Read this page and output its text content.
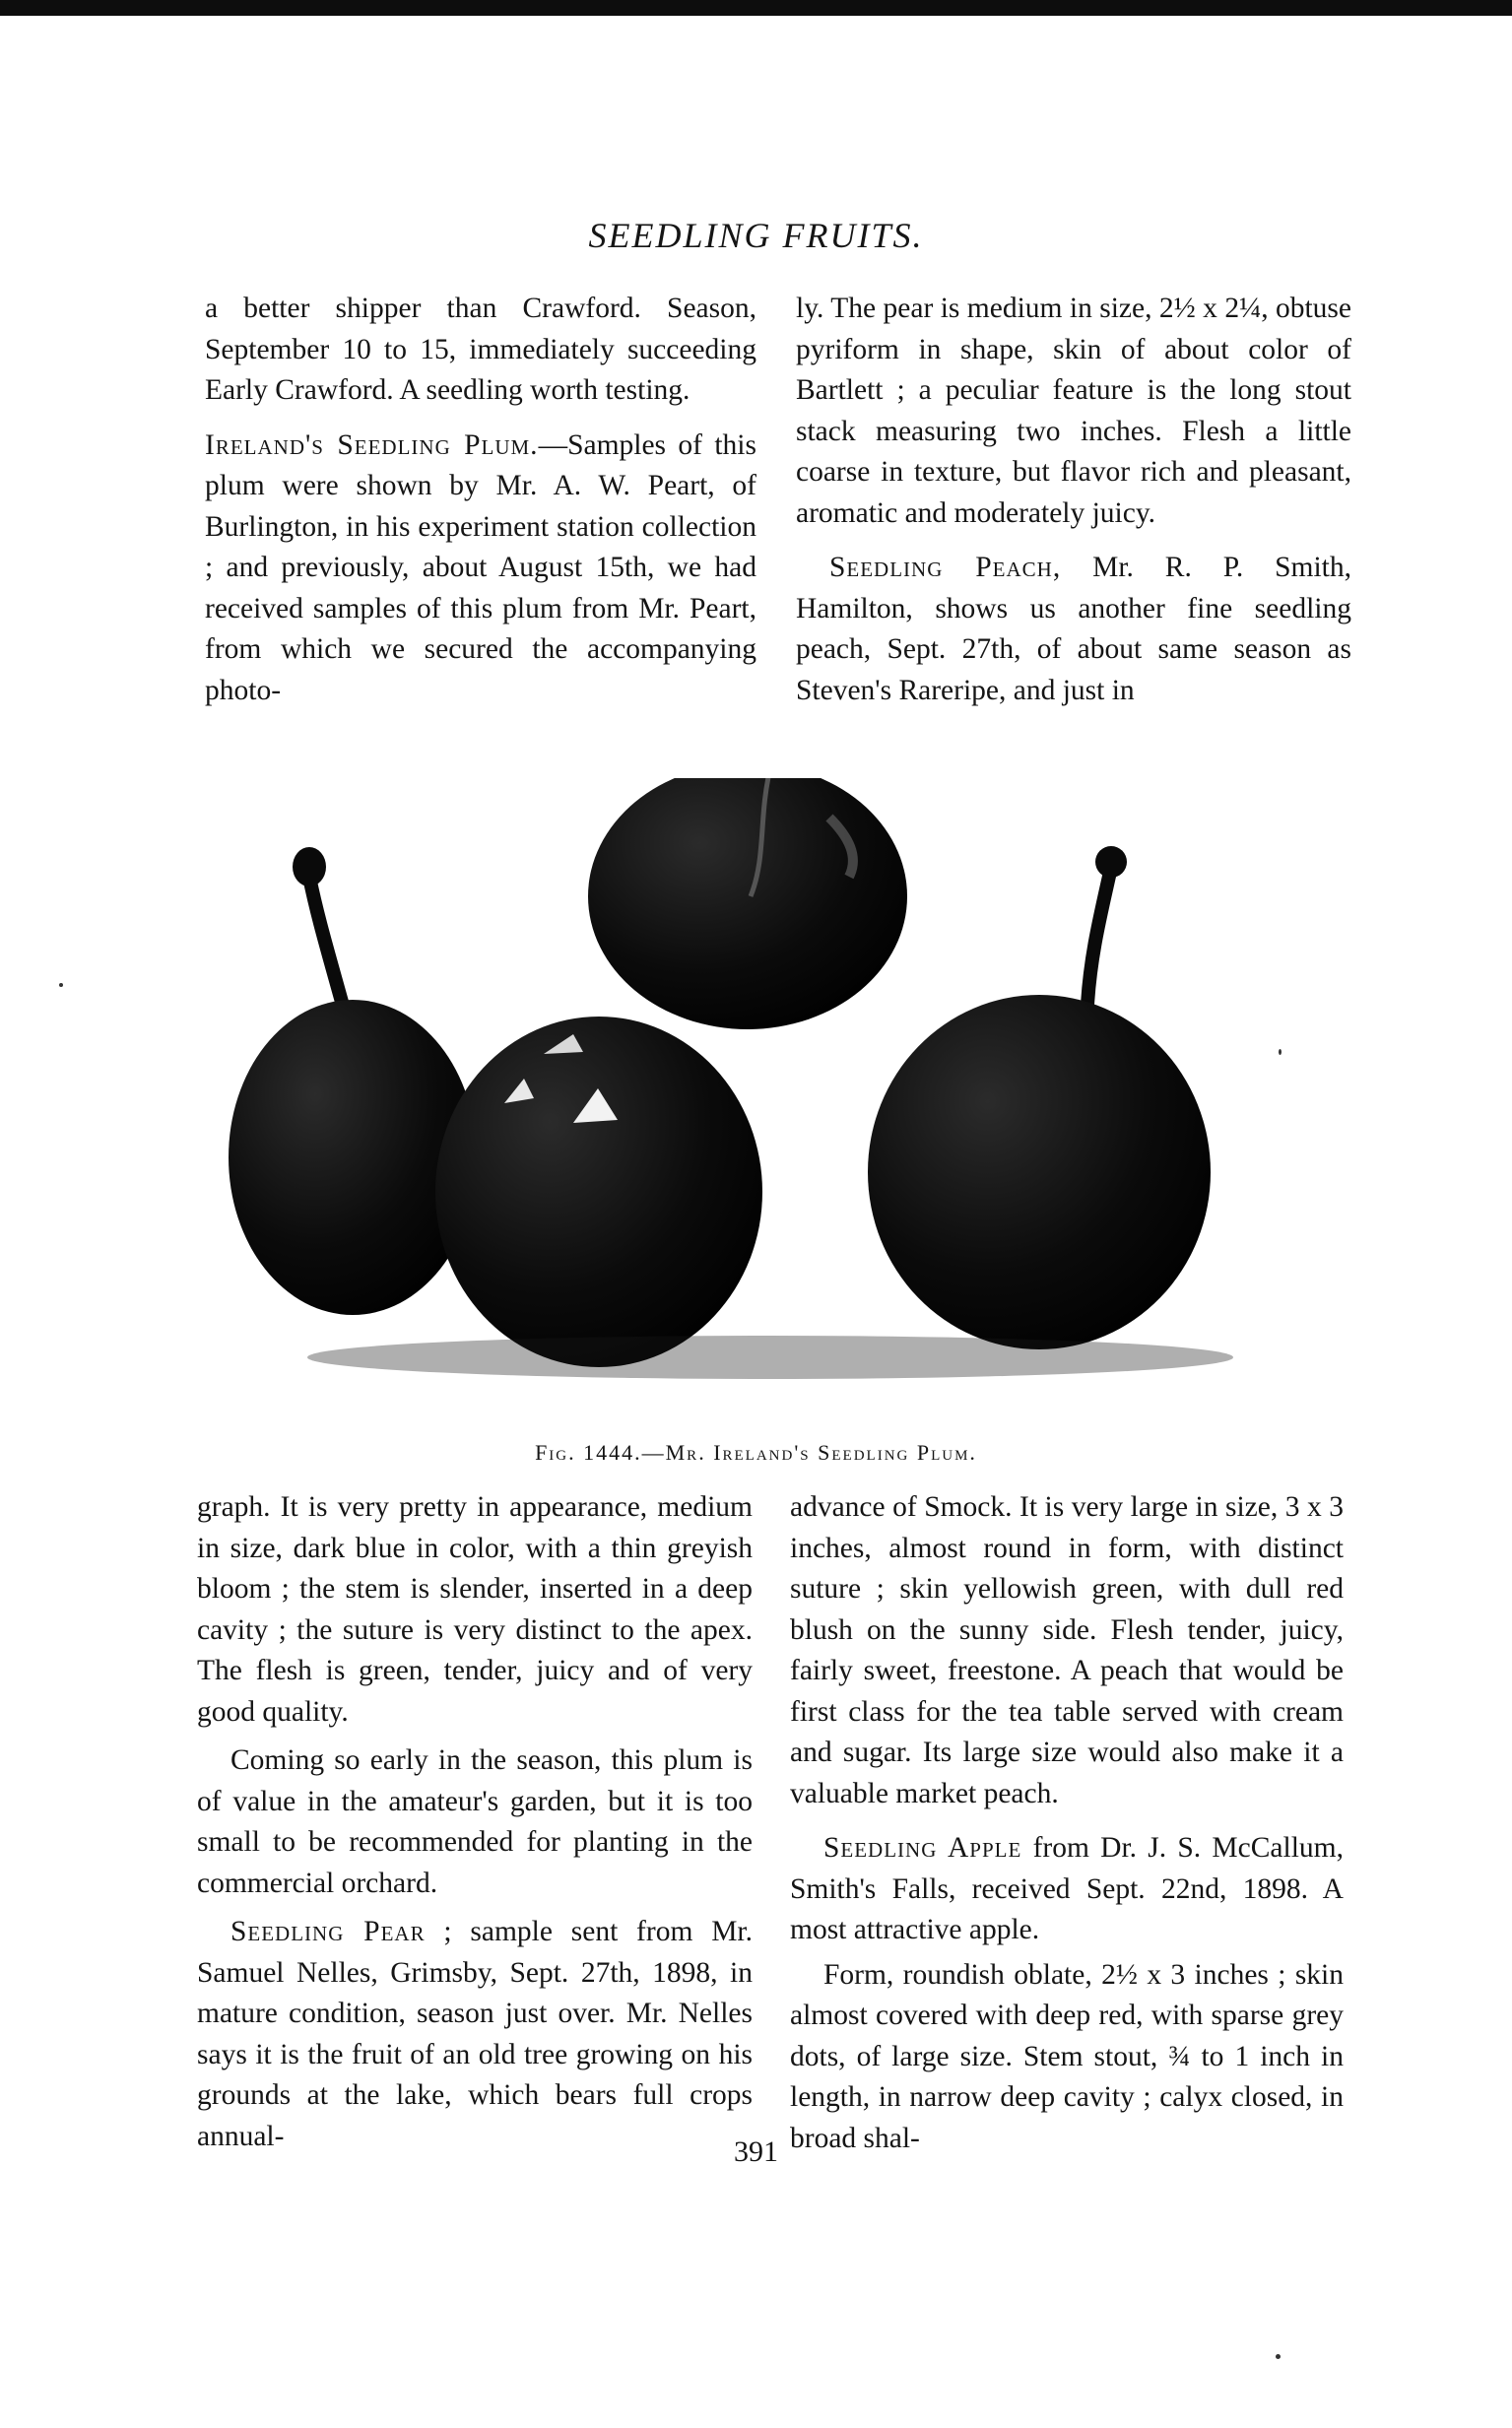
SEEDLING FRUITS.

a better shipper than Crawford. Season, September 10 to 15, immediately succeeding Early Crawford. A seedling worth testing.

Ireland's Seedling Plum.—Samples of this plum were shown by Mr. A. W. Peart, of Burlington, in his experiment station collection ; and previously, about August 15th, we had received samples of this plum from Mr. Peart, from which we secured the accompanying photo-

ly. The pear is medium in size, 2½ x 2¼, obtuse pyriform in shape, skin of about color of Bartlett ; a peculiar feature is the long stout stack measuring two inches. Flesh a little coarse in texture, but flavor rich and pleasant, aromatic and moderately juicy.

Seedling Peach, Mr. R. P. Smith, Hamilton, shows us another fine seedling peach, Sept. 27th, of about same season as Steven's Rareripe, and just in

Fig. 1444.—Mr. Ireland's Seedling Plum.

graph. It is very pretty in appearance, medium in size, dark blue in color, with a thin greyish bloom ; the stem is slender, inserted in a deep cavity ; the suture is very distinct to the apex. The flesh is green, tender, juicy and of very good quality.

Coming so early in the season, this plum is of value in the amateur's garden, but it is too small to be recommended for planting in the commercial orchard.

Seedling Pear ; sample sent from Mr. Samuel Nelles, Grimsby, Sept. 27th, 1898, in mature condition, season just over. Mr. Nelles says it is the fruit of an old tree growing on his grounds at the lake, which bears full crops annual-

advance of Smock. It is very large in size, 3 x 3 inches, almost round in form, with distinct suture ; skin yellowish green, with dull red blush on the sunny side. Flesh tender, juicy, fairly sweet, freestone. A peach that would be first class for the tea table served with cream and sugar. Its large size would also make it a valuable market peach.

Seedling Apple from Dr. J. S. McCallum, Smith's Falls, received Sept. 22nd, 1898. A most attractive apple.

Form, roundish oblate, 2½ x 3 inches ; skin almost covered with deep red, with sparse grey dots, of large size. Stem stout, ¾ to 1 inch in length, in narrow deep cavity ; calyx closed, in broad shal-

391
